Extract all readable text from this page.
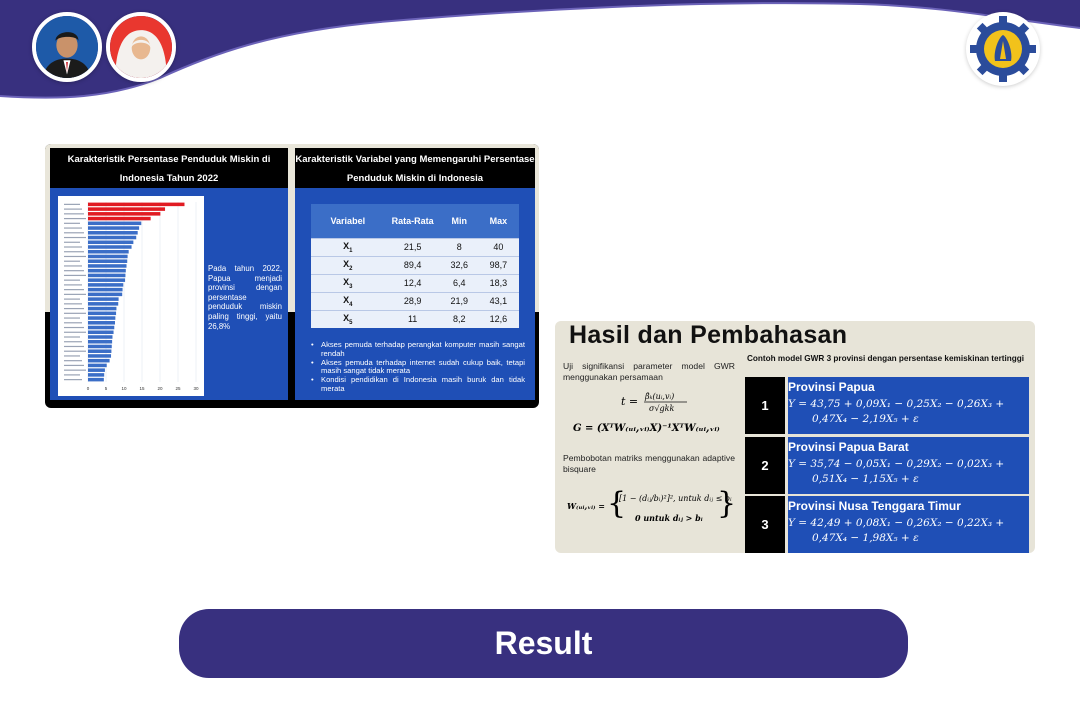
Karakteristik Persentase Penduduk Miskin di Indonesia Tahun 2022
0	5	10	15	20	25	30
Pada tahun 2022, Papua menjadi provinsi dengan persentase penduduk miskin paling tinggi, yaitu 26,8%
Karakteristik Variabel yang Memengaruhi Persentase Penduduk Miskin di Indonesia
Variabel	Rata-Rata	Min	Max
$X_1$	21,5	8	40
$X_2$	89,4	32,6	98,7
$X_3$	12,4	6,4	18,3
$X_4$	28,9	21,9	43,1
$X_5$	11	8,2	12,6
• Akses pemuda terhadap perangkat komputer masih sangat rendah
• Akses pemuda terhadap internet sudah cukup baik, tetapi masih sangat tidak merata
• Kondisi pendidikan di Indonesia masih buruk dan tidak merata
Hasil dan Pembahasan
Uji signifikansi parameter model GWR menggunakan persamaan
t = β̂ₖ(uᵢ,vᵢ)
σ√gkk
G = (XᵀW₍ᵤᵢ,ᵥᵢ₎X)⁻¹XᵀW₍ᵤᵢ,ᵥᵢ₎
Pembobotan matriks menggunakan adaptive bisquare
W₍ᵤᵢ,ᵥᵢ₎ = {
[1 − (dᵢⱼ/bᵢ)²]², untuk dᵢⱼ ≤ bᵢ
0 untuk dᵢⱼ > bᵢ }
Contoh model GWR 3 provinsi dengan persentase kemiskinan tertinggi
1
Provinsi Papua
Y = 43,75 + 0,09X₁ − 0,25X₂ − 0,26X₃ +
0,47X₄ − 2,19X₅ + ε
2
Provinsi Papua Barat
Y = 35,74 − 0,05X₁ − 0,29X₂ − 0,02X₃ +
0,51X₄ − 1,15X₅ + ε
3
Provinsi Nusa Tenggara Timur
Y = 42,49 + 0,08X₁ − 0,26X₂ − 0,22X₃ +
0,47X₄ − 1,98X₅ + ε
Result
